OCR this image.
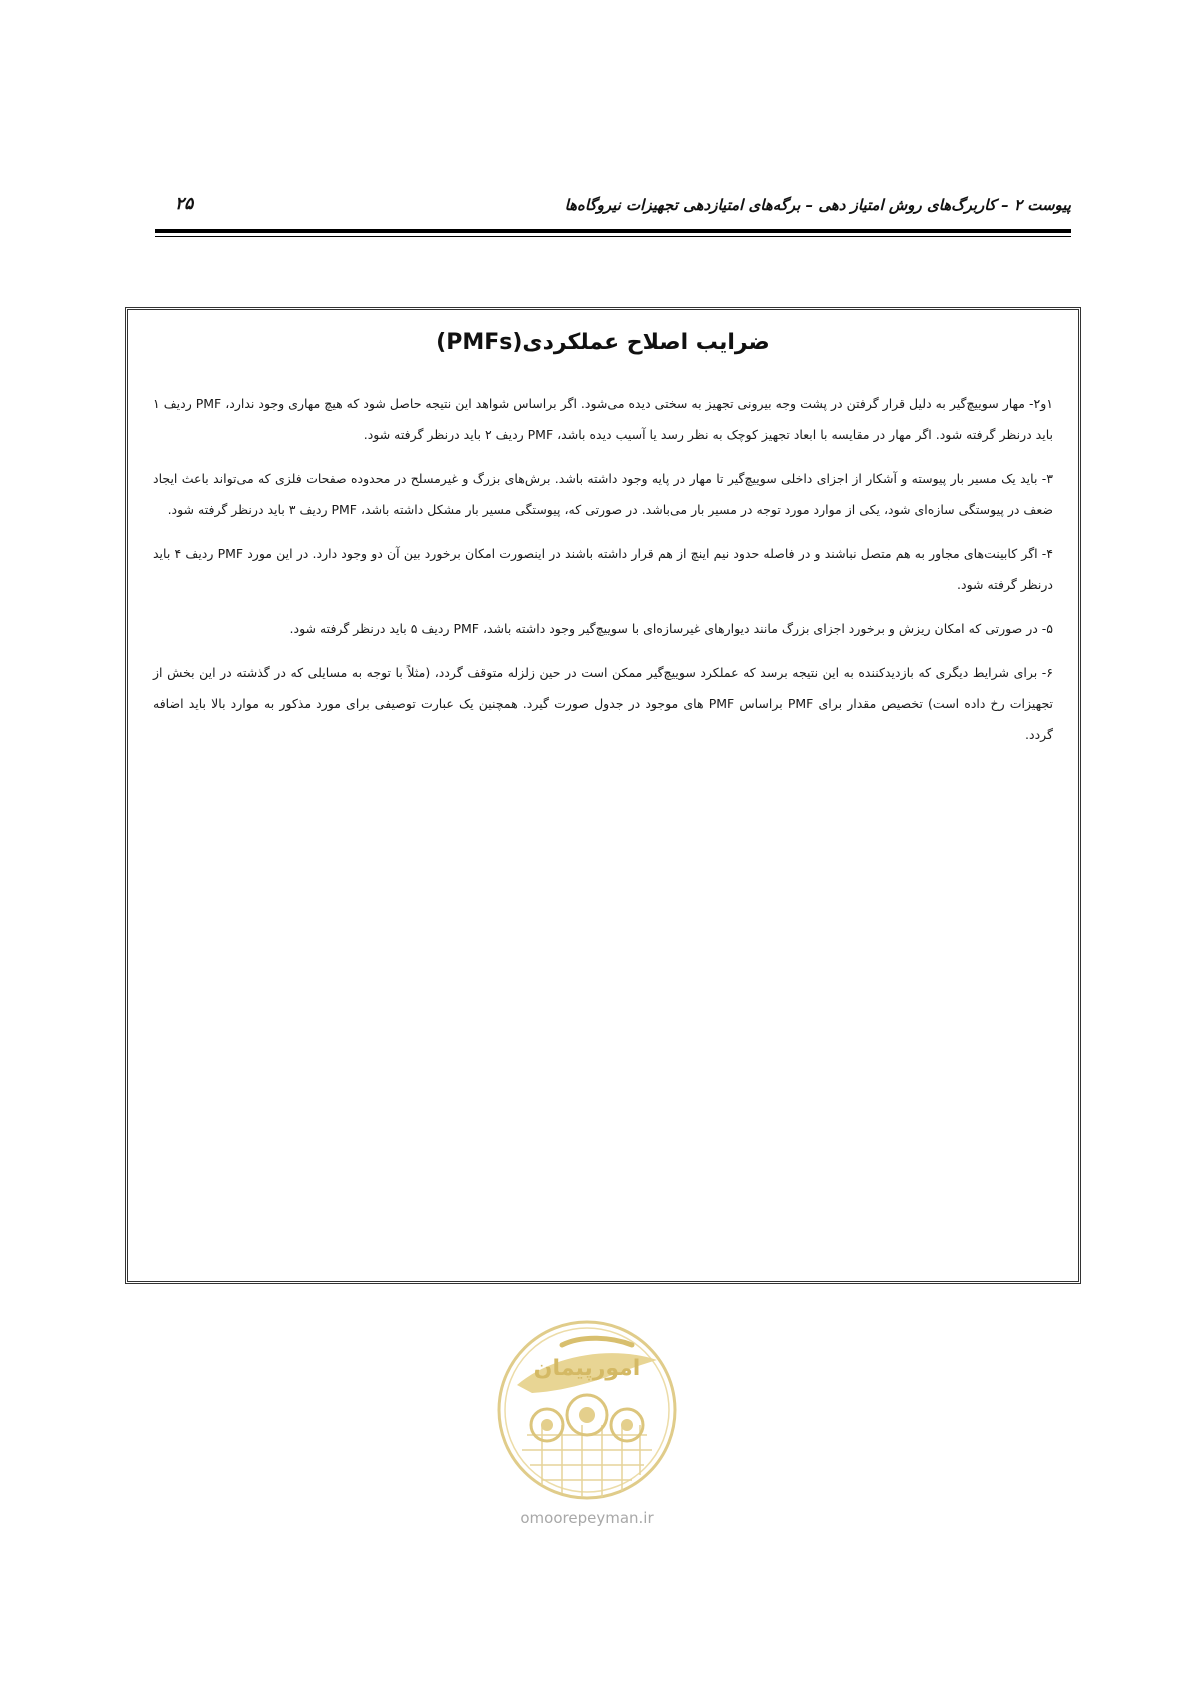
پیوست ۲ – کاربرگ‌های روش امتیاز دهی – برگه‌های امتیازدهی تجهیزات نیروگاه‌ها
۲۵
ضرایب اصلاح عملکردی(PMFs)

۱و۲- مهار سوییچ‌گیر به دلیل قرار گرفتن در پشت وجه بیرونی تجهیز به سختی دیده می‌شود. اگر براساس شواهد این نتیجه حاصل شود که هیچ مهاری وجود ندارد، PMF ردیف ۱ باید درنظر گرفته شود. اگر مهار در مقایسه با ابعاد تجهیز کوچک به نظر رسد یا آسیب دیده باشد، PMF ردیف ۲ باید درنظر گرفته شود.

۳- باید یک مسیر بار پیوسته و آشکار از اجزای داخلی سوییچ‌گیر تا مهار در پایه وجود داشته باشد. برش‌های بزرگ و غیرمسلح در محدوده صفحات فلزی که می‌تواند باعث ایجاد ضعف در پیوستگی سازه‌ای شود، یکی از موارد مورد توجه در مسیر بار می‌باشد. در صورتی که، پیوستگی مسیر بار مشکل داشته باشد، PMF ردیف ۳ باید درنظر گرفته شود.

۴- اگر کابینت‌های مجاور به هم متصل نباشند و در فاصله حدود نیم اینچ از هم قرار داشته باشند در اینصورت امکان برخورد بین آن دو وجود دارد. در این مورد PMF ردیف ۴ باید درنظر گرفته شود.

۵- در صورتی که امکان ریزش و برخورد اجزای بزرگ مانند دیوارهای غیرسازه‌ای با سوییچ‌گیر وجود داشته باشد، PMF ردیف ۵ باید درنظر گرفته شود.

۶- برای شرایط دیگری که بازدیدکننده به این نتیجه برسد که عملکرد سوییچ‌گیر ممکن است در حین زلزله متوقف گردد، (مثلاً با توجه به مسایلی که در گذشته در این بخش از تجهیزات رخ داده است) تخصیص مقدار برای PMF براساس PMF های موجود در جدول صورت گیرد. همچنین یک عبارت توصیفی برای مورد مذکور به موارد بالا باید اضافه گردد.

امورپیمان
omoorepeyman.ir
